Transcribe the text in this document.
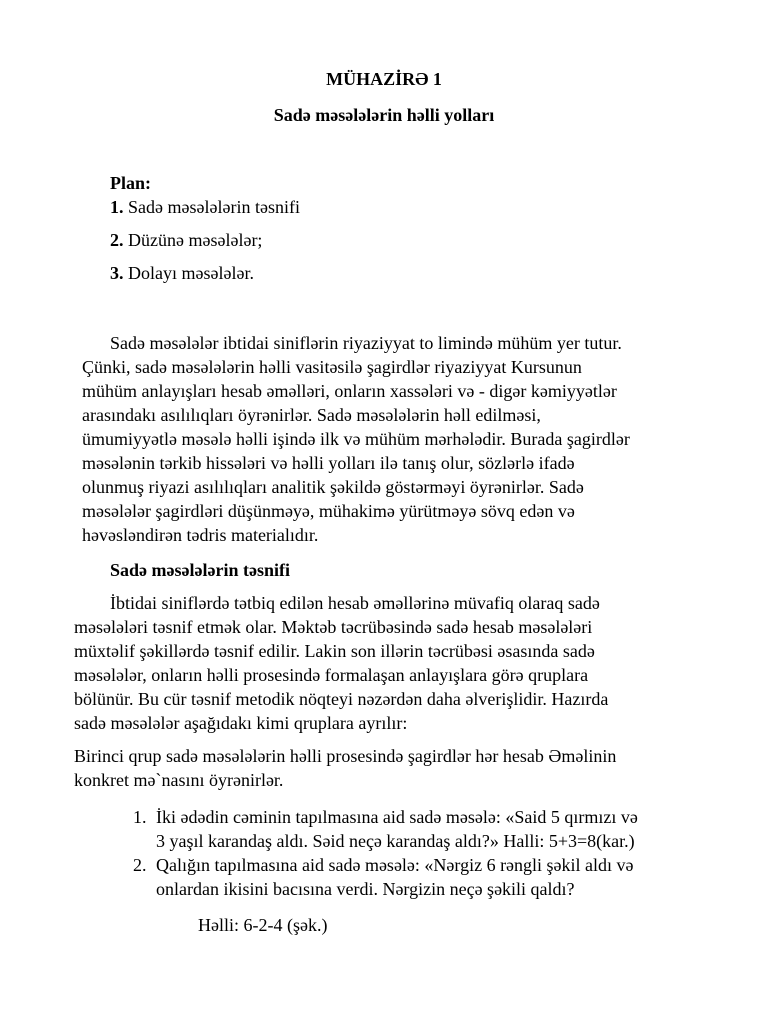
MÜHAZİRƏ 1
Sadə məsələlərin həlli yolları
Plan:
1. Sadə məsələlərin təsnifi
2. Düzünə məsələlər;
3. Dolayı məsələlər.
Sadə məsələlər ibtidai siniflərin riyaziyyat to limində mühüm yer tutur.
Çünki, sadə məsələlərin həlli vasitəsilə şagirdlər riyaziyyat Kursunun
mühüm anlayışları hesab əməlləri, onların xassələri və - digər kəmiyyətlər
arasındakı asılılıqları öyrənirlər. Sadə məsələlərin həll edilməsi,
ümumiyyətlə məsələ həlli işində ilk və mühüm mərhələdir. Burada şagirdlər
məsələnin tərkib hissələri və həlli yolları ilə tanış olur, sözlərlə ifadə
olunmuş riyazi asılılıqları analitik şəkildə göstərməyi öyrənirlər. Sadə
məsələlər şagirdləri düşünməyə, mühakimə yürütməyə sövq edən və
həvəsləndirən tədris materialıdır.
Sadə məsələlərin təsnifi
İbtidai siniflərdə tətbiq edilən hesab əməllərinə müvafiq olaraq sadə
məsələləri təsnif etmək olar. Məktəb təcrübəsində sadə hesab məsələləri
müxtəlif şəkillərdə təsnif edilir. Lakin son illərin təcrübəsi əsasında sadə
məsələlər, onların həlli prosesində formalaşan anlayışlara görə qruplara
bölünür. Bu cür təsnif metodik nöqteyi nəzərdən daha əlverişlidir. Hazırda
sadə məsələlər aşağıdakı kimi qruplara ayrılır:
Birinci qrup sadə məsələlərin həlli prosesində şagirdlər hər hesab Əməlinin
konkret mə`nasını öyrənirlər.
1. İki ədədin cəminin tapılmasına aid sadə məsələ: «Said 5 qırmızı və
3 yaşıl karandaş aldı. Səid neçə karandaş aldı?» Halli: 5+3=8(kar.)
2. Qalığın tapılmasına aid sadə məsələ: «Nərgiz 6 rəngli şəkil aldı və
onlardan ikisini bacısına verdi. Nərgizin neçə şəkili qaldı?
Həlli: 6-2-4 (şək.)
